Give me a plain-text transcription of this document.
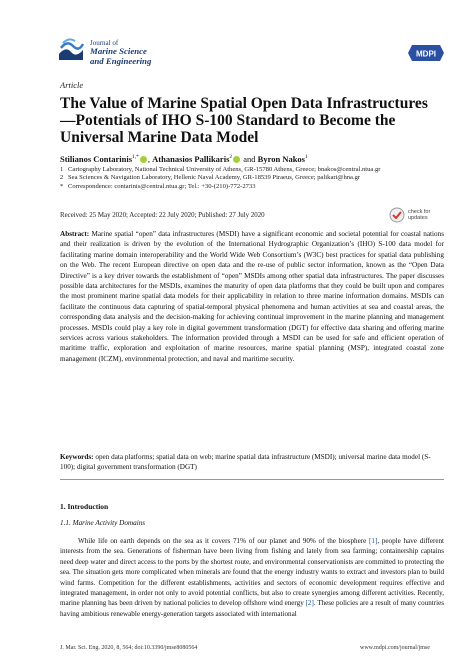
Journal of
Marine Science
and Engineering
MDPI
Article
The Value of Marine Spatial Open Data Infrastructures—Potentials of IHO S-100 Standard to Become the Universal Marine Data Model
Stilianos Contarinis$^{1,*}$ , Athanasios Pallikaris$^2$ and Byron Nakos$^1$
1 Cartography Laboratory, National Technical University of Athens, GR-15780 Athens, Greece; bnakos@central.ntua.gr
2 Sea Sciences & Navigation Laboratory, Hellenic Naval Academy, GR-18539 Piraeus, Greece; palikari@hna.gr
* Correspondence: contarinis@central.ntua.gr; Tel.: +30-(210)-772-2733
Received: 25 May 2020; Accepted: 22 July 2020; Published: 27 July 2020	check for updates
Abstract: Marine spatial “open” data infrastructures (MSDI) have a significant economic and societal potential for coastal nations and their realization is driven by the evolution of the International Hydrographic Organization’s (IHO) S-100 data model for facilitating marine domain interoperability and the World Wide Web Consortium’s (W3C) best practices for spatial data publishing on the Web. The recent European directive on open data and the re-use of public sector information, known as the “Open Data Directive” is a key driver towards the establishment of “open” MSDIs among other spatial data infrastructures. The paper discusses possible data architectures for the MSDIs, examines the maturity of open data platforms that they could be built upon and compares the most prominent marine spatial data models for their applicability in relation to three marine information domains. MSDIs can facilitate the continuous data capturing of spatial-temporal physical phenomena and human activities at sea and coastal areas, the corresponding data analysis and the decision-making for achieving continual improvement in the marine planning and management processes. MSDIs could play a key role in digital government transformation (DGT) for effective data sharing and offering marine services across various stakeholders. The information provided through a MSDI can be used for safe and efficient operation of maritime traffic, exploration and exploitation of marine resources, marine spatial planning (MSP), integrated coastal zone management (ICZM), environmental protection, and naval and maritime security.
Keywords: open data platforms; spatial data on web; marine spatial data infrastructure (MSDI); universal marine data model (S-100); digital government transformation (DGT)
1. Introduction
1.1. Marine Activity Domains
While life on earth depends on the sea as it covers 71% of our planet and 90% of the biosphere [1], people have different interests from the sea. Generations of fisherman have been living from fishing and lately from sea farming; containership captains need deep water and direct access to the ports by the shortest route, and environmental conservationists are committed to protecting the sea. The situation gets more complicated when minerals are found that the energy industry wants to extract and investors plan to build wind farms. Competition for the different establishments, activities and sectors of economic development requires effective and integrated management, in order not only to avoid potential conflicts, but also to create synergies among different activities. Recently, marine planning has been driven by national policies to develop offshore wind energy [2]. These policies are a result of many countries having ambitious renewable energy-generation targets associated with international
J. Mar. Sci. Eng. 2020, 8, 564; doi:10.3390/jmse8080564	www.mdpi.com/journal/jmse
